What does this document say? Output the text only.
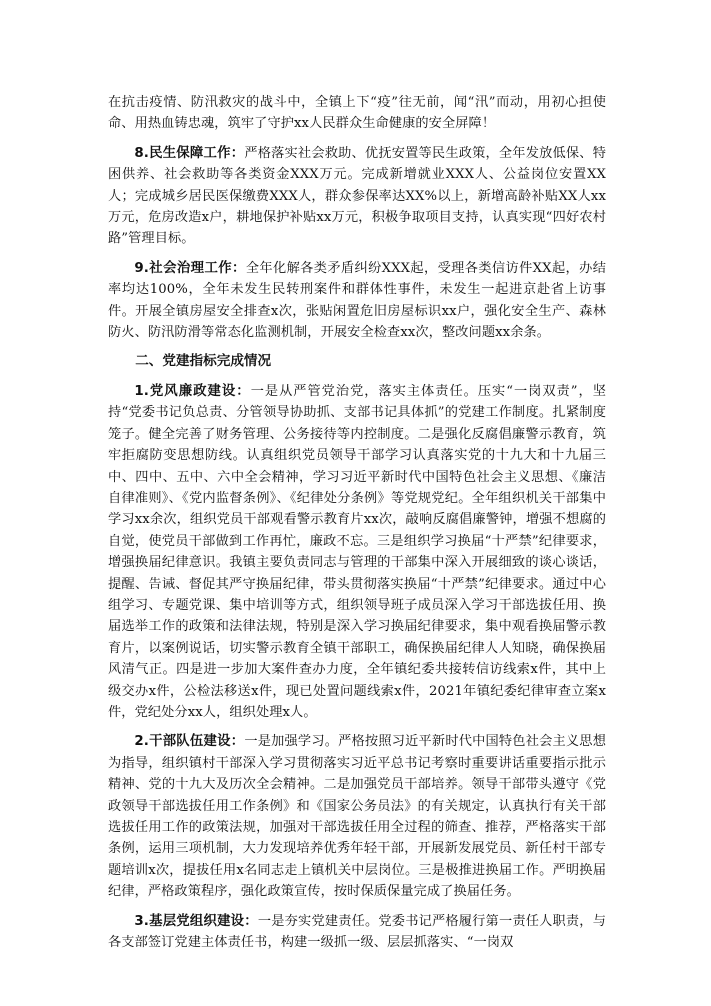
在抗击疫情、防汛救灾的战斗中，全镇上下“疫”往无前，闻“汛”而动，用初心担使命、用热血铸忠魂，筑牢了守护xx人民群众生命健康的安全屏障！

8.民生保障工作：严格落实社会救助、优抚安置等民生政策，全年发放低保、特困供养、社会救助等各类资金XXX万元。完成新增就业XXX人、公益岗位安置XX人；完成城乡居民医保缴费XXX人，群众参保率达XX%以上，新增高龄补贴XX人xx万元，危房改造x户，耕地保护补贴xx万元，积极争取项目支持，认真实现“四好农村路”管理目标。

9.社会治理工作：全年化解各类矛盾纠纷XXX起，受理各类信访件XX起，办结率均达100%，全年未发生民转刑案件和群体性事件，未发生一起进京赴省上访事件。开展全镇房屋安全排查x次，张贴闲置危旧房屋标识xx户，强化安全生产、森林防火、防汛防滑等常态化监测机制，开展安全检查xx次，整改问题xx余条。

二、党建指标完成情况

1.党风廉政建设：一是从严管党治党，落实主体责任。压实“一岗双责”，坚持“党委书记负总责、分管领导协助抓、支部书记具体抓”的党建工作制度。扎紧制度笼子。健全完善了财务管理、公务接待等内控制度。二是强化反腐倡廉警示教育，筑牢拒腐防变思想防线。认真组织党员领导干部学习认真落实党的十九大和十九届三中、四中、五中、六中全会精神，学习习近平新时代中国特色社会主义思想、《廉洁自律准则》、《党内监督条例》、《纪律处分条例》等党规党纪。全年组织机关干部集中学习xx余次，组织党员干部观看警示教育片xx次，敲响反腐倡廉警钟，增强不想腐的自觉，使党员干部做到工作再忙，廉政不忘。三是组织学习换届“十严禁”纪律要求，增强换届纪律意识。我镇主要负责同志与管理的干部集中深入开展细致的谈心谈话，提醒、告诫、督促其严守换届纪律，带头贯彻落实换届“十严禁”纪律要求。通过中心组学习、专题党课、集中培训等方式，组织领导班子成员深入学习干部选拔任用、换届选举工作的政策和法律法规，特别是深入学习换届纪律要求，集中观看换届警示教育片，以案例说话，切实警示教育全镇干部职工，确保换届纪律人人知晓，确保换届风清气正。四是进一步加大案件查办力度，全年镇纪委共接转信访线索x件，其中上级交办x件，公检法移送x件，现已处置问题线索x件，2021年镇纪委纪律审查立案x件，党纪处分xx人，组织处理x人。

2.干部队伍建设：一是加强学习。严格按照习近平新时代中国特色社会主义思想为指导，组织镇村干部深入学习贯彻落实习近平总书记考察时重要讲话重要指示批示精神、党的十九大及历次全会精神。二是加强党员干部培养。领导干部带头遵守《党政领导干部选拔任用工作条例》和《国家公务员法》的有关规定，认真执行有关干部选拔任用工作的政策法规，加强对干部选拔任用全过程的筛查、推荐，严格落实干部条例，运用三项机制，大力发现培养优秀年轻干部，开展新发展党员、新任村干部专题培训x次，提拔任用x名同志走上镇机关中层岗位。三是极推进换届工作。严明换届纪律，严格政策程序，强化政策宣传，按时保质保量完成了换届任务。

3.基层党组织建设：一是夯实党建责任。党委书记严格履行第一责任人职责，与各支部签订党建主体责任书，构建一级抓一级、层层抓落实、“一岗双
